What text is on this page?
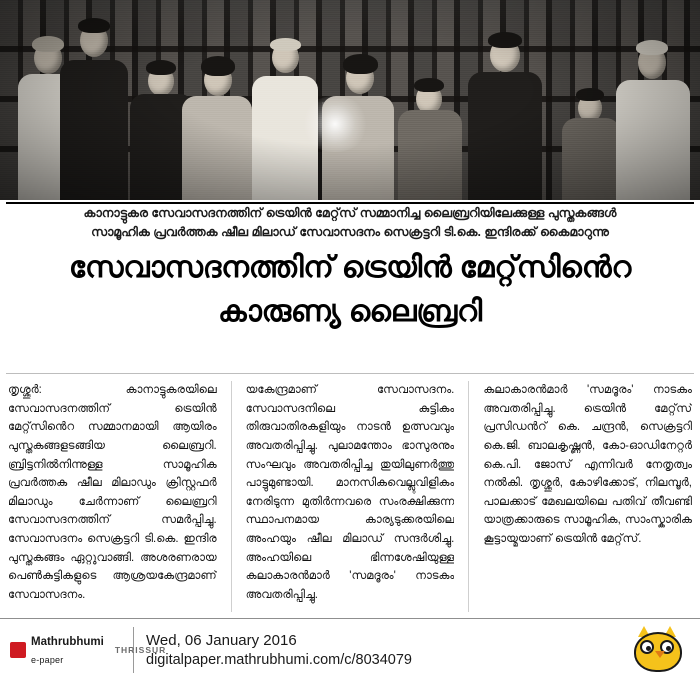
കാനാട്ടുകര സേവാസദനത്തിന് ട്രെയിൻ മേറ്റ്‌സ് സമ്മാനിച്ച ലൈബ്രറിയിലേക്കുള്ള പുസ്തകങ്ങൾ
സാമൂഹിക പ്രവർത്തക ഷീല മിലാഡ് സേവാസദനം സെക്രട്ടറി ടി.കെ. ഇന്ദിരക്ക് കൈമാറുന്നു
സേവാസദനത്തിന് ട്രെയിൻ മേറ്റ്‌സിൻെറ
കാരുണ്യ ലൈബ്രറി
തൃശ്ശൂർ: കാനാട്ടുകരയിലെ സേവാസദനത്തിന് ട്രെയിൻ മേറ്റ്‌സിൻെറ സമ്മാനമായി ആയിരം പുസ്തകങ്ങളടങ്ങിയ ലൈബ്രറി. ബ്രിട്ടനിൽനിന്നുള്ള സാമൂഹിക പ്രവർത്തക ഷീല മിലാഡും ക്രിസ്റ്റഫർ മിലാഡും ചേർന്നാണ് ലൈബ്രറി സേവാസദനത്തിന് സമർപ്പിച്ചു. സേവാസദനം സെക്രട്ടറി ടി.കെ. ഇന്ദിര പുസ്തകങ്ങം ഏറ്റുവാങ്ങി. അശരണരായ പെൺകുട്ടികളുടെ ആശ്രയകേന്ദ്രമാണ് സേവാസദനം.
യകേന്ദ്രമാണ് സേവാസദനം. സേവാസദനിലെ കുട്ടികം തിരുവാതിരകളിയും നാടൻ ഉത്സവവും അവതരിപ്പിച്ചു. പുലാമന്തോം ഭാസുരനും സംഘവും അവതരിപ്പിച്ച തുയിലുണർത്തു പാട്ടുമുണ്ടായി. മാനസികവെല്ലുവിളികം നേരിടുന്ന മുതിർന്നവരെ സംരക്ഷിക്കുന്ന സ്ഥാപനമായ കാര്യടുക്കരയിലെ അംഹയും ഷീല മിലാഡ് സന്ദർശിച്ചു. അംഹയിലെ ഭിന്നശേഷിയുള്ള കലാകാരൻമാർ 'സമദൂരം' നാടകം അവതരിപ്പിച്ചു.
കലാകാരൻമാർ 'സമദൂരം' നാടകം അവതരിപ്പിച്ചു. ട്രെയിൻ മേറ്റ്‌സ് പ്രസിഡൻറ് കെ. ചന്ദ്രൻ, സെക്രട്ടറി കെ.ജി. ബാലകൃഷ്ണൻ, കോ-ഓഡിനേറ്റർ കെ.പി. ജോസ് എന്നിവർ നേതൃത്വം നൽകി. തൃശ്ശൂർ, കോഴിക്കോട്, നിലമ്പൂർ, പാലക്കാട് മേഖലയിലെ പതിവ് തീവണ്ടി യാത്രക്കാരുടെ സാമൂഹിക, സാംസ്കാരിക കൂട്ടായ്മയാണ് ട്രെയിൻ മേറ്റ്‌സ്.
Mathrubhumi
e-paper
THRISSUR
Wed, 06 January 2016
digitalpaper.mathrubhumi.com/c/8034079
